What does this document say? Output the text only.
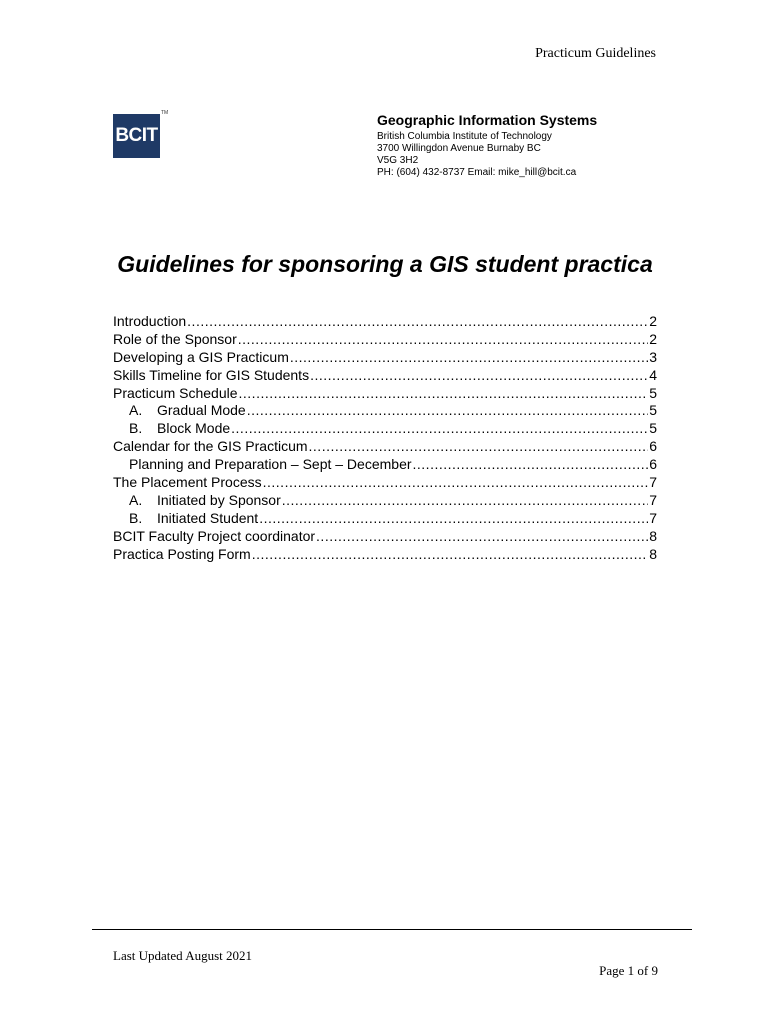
Practicum Guidelines
BCIT
TM	Geographic Information Systems
British Columbia Institute of Technology
3700 Willingdon Avenue Burnaby BC
V5G 3H2
PH: (604) 432-8737 Email: mike_hill@bcit.ca
Guidelines for sponsoring a GIS student practica
Introduction .....	2
Role of the Sponsor .....	2
Developing a GIS Practicum .....	3
Skills Timeline for GIS Students .....	4
Practicum Schedule .....	5
A.	Gradual Mode .....	5
B.	Block Mode .....	5
Calendar for the GIS Practicum .....	6
Planning and Preparation – Sept – December .....	6
The Placement Process .....	7
A.	Initiated by Sponsor .....	7
B.	Initiated Student .....	7
BCIT Faculty Project coordinator .....	8
Practica Posting Form .....	8
Last Updated August 2021
Page 1 of 9
